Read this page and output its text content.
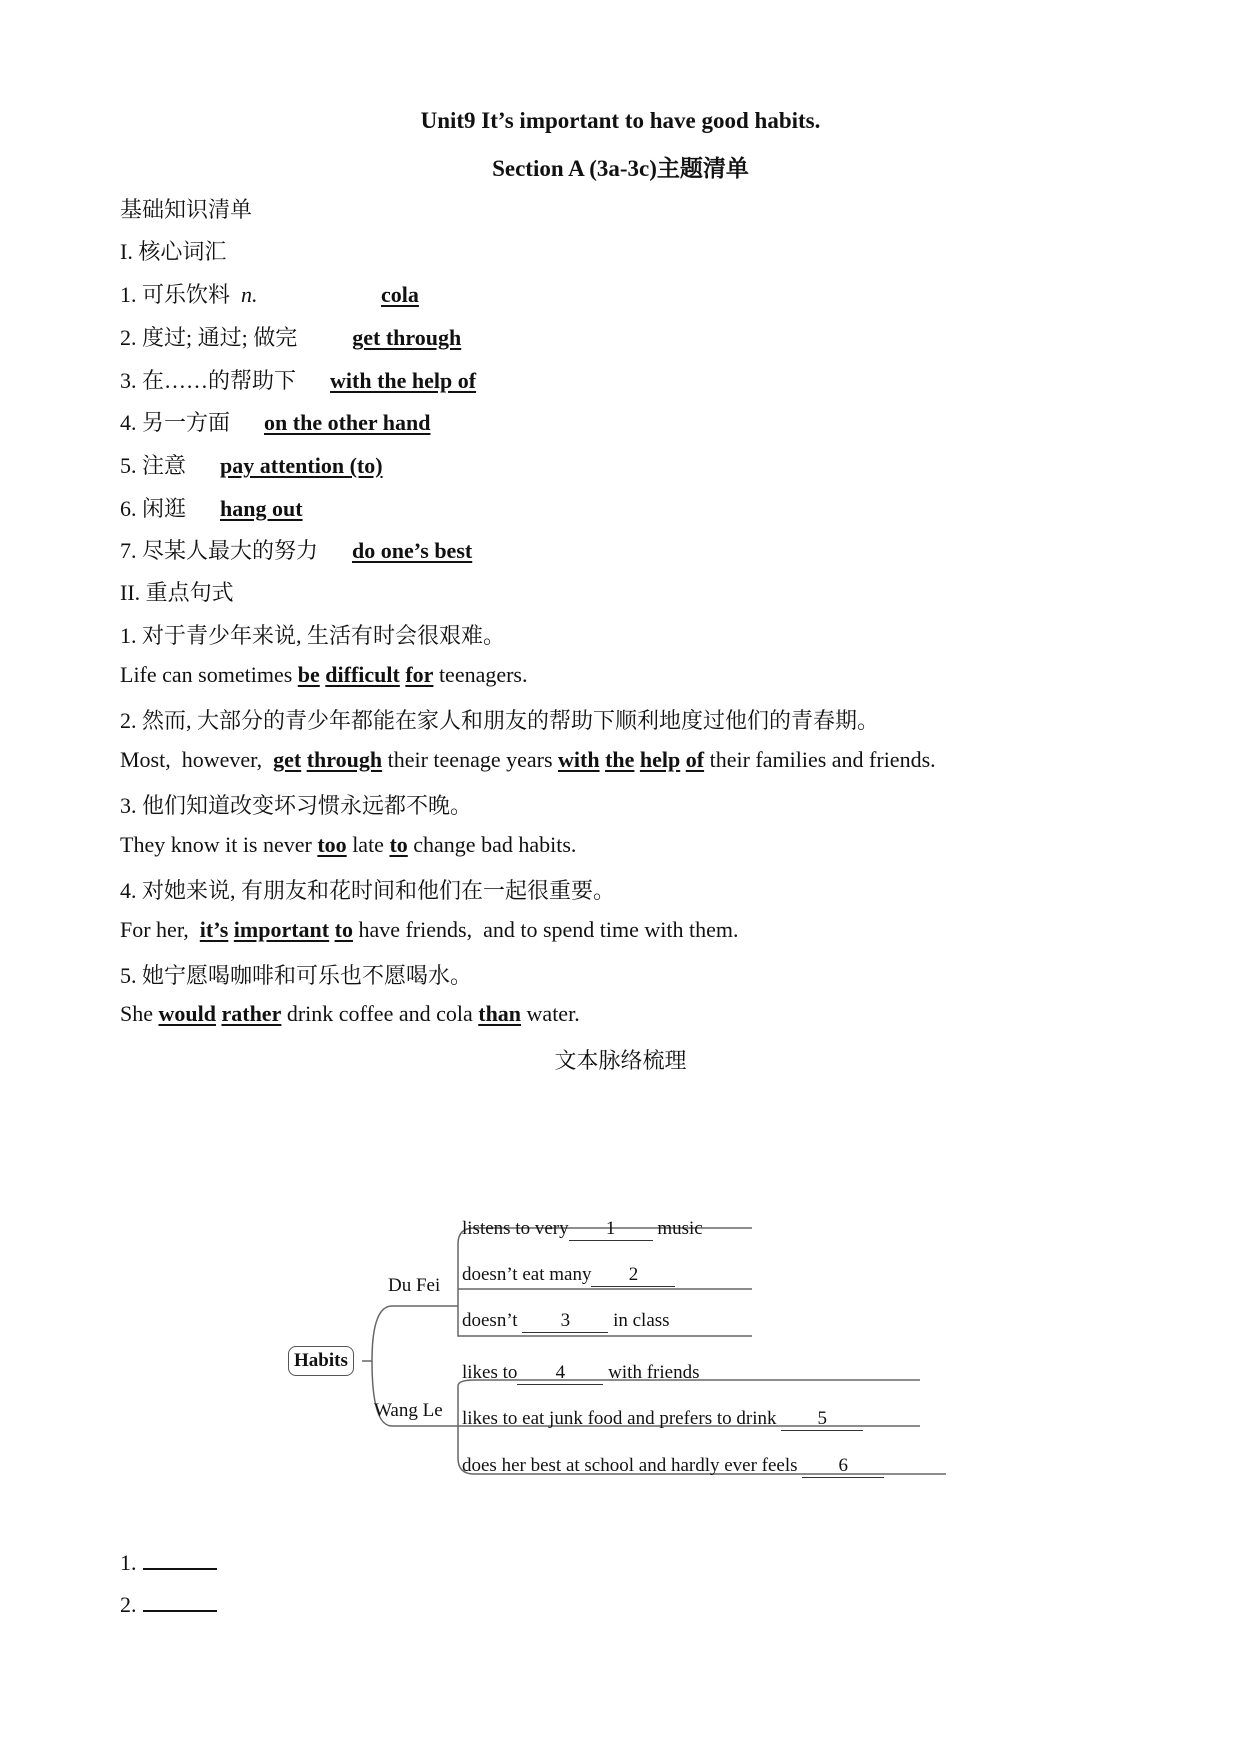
Unit9 It’s important to have good habits.
Section A (3a-3c)主题清单
基础知识清单
I. 核心词汇
1. 可乐饮料 n.	cola
2. 度过; 通过; 做完	get through
3. 在……的帮助下 with the help of
4. 另一方面 on the other hand
5. 注意 pay attention (to)
6. 闲逛 hang out
7. 尽某人最大的努力 do one’s best
II. 重点句式
1. 对于青少年来说, 生活有时会很艰难。
Life can sometimes be difficult for teenagers.
2. 然而, 大部分的青少年都能在家人和朋友的帮助下顺利地度过他们的青春期。
Most,  however,  get through their teenage years with the help of their families and friends.
3. 他们知道改变坏习惯永远都不晚。
They know it is never too late to change bad habits.
4. 对她来说, 有朋友和花时间和他们在一起很重要。
For her,  it’s important to have friends,  and to spend time with them.
5. 她宁愿喝咖啡和可乐也不愿喝水。
She would rather drink coffee and cola than water.
文本脉络梳理
Habits
Du Fei
Wang Le
listens to very 1 music
doesn’t eat many 2
doesn’t 3 in class
likes to 4 with friends
likes to eat junk food and prefers to drink 5
does her best at school and hardly ever feels 6
1.
2.
